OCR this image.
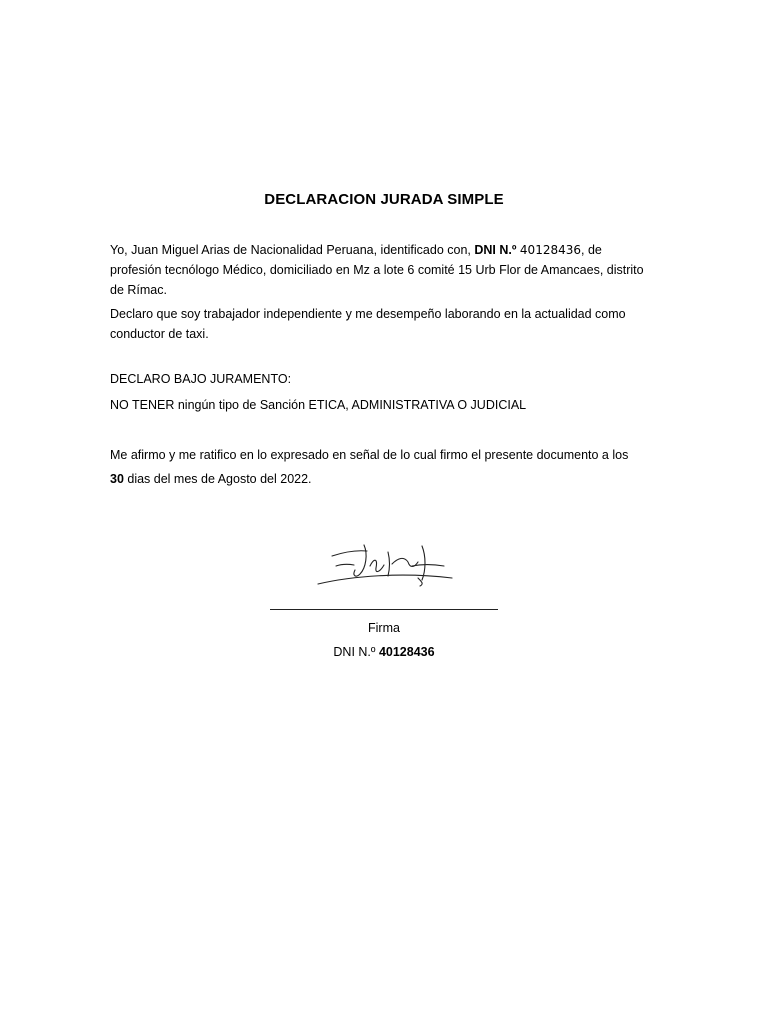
DECLARACION JURADA SIMPLE
Yo, Juan Miguel Arias de Nacionalidad Peruana, identificado con, DNI N.º 40128436, de
profesión tecnólogo Médico, domiciliado en Mz a lote 6 comité 15 Urb Flor de Amancaes, distrito de Rímac.
Declaro que soy trabajador independiente y me desempeño laborando en la actualidad como conductor de taxi.
DECLARO BAJO JURAMENTO:
NO TENER ningún tipo de Sanción ETICA, ADMINISTRATIVA O JUDICIAL
Me afirmo y me ratifico en lo expresado en señal de lo cual firmo el presente documento a los
30 dias del mes de Agosto del 2022.
Firma
DNI N.º 40128436
